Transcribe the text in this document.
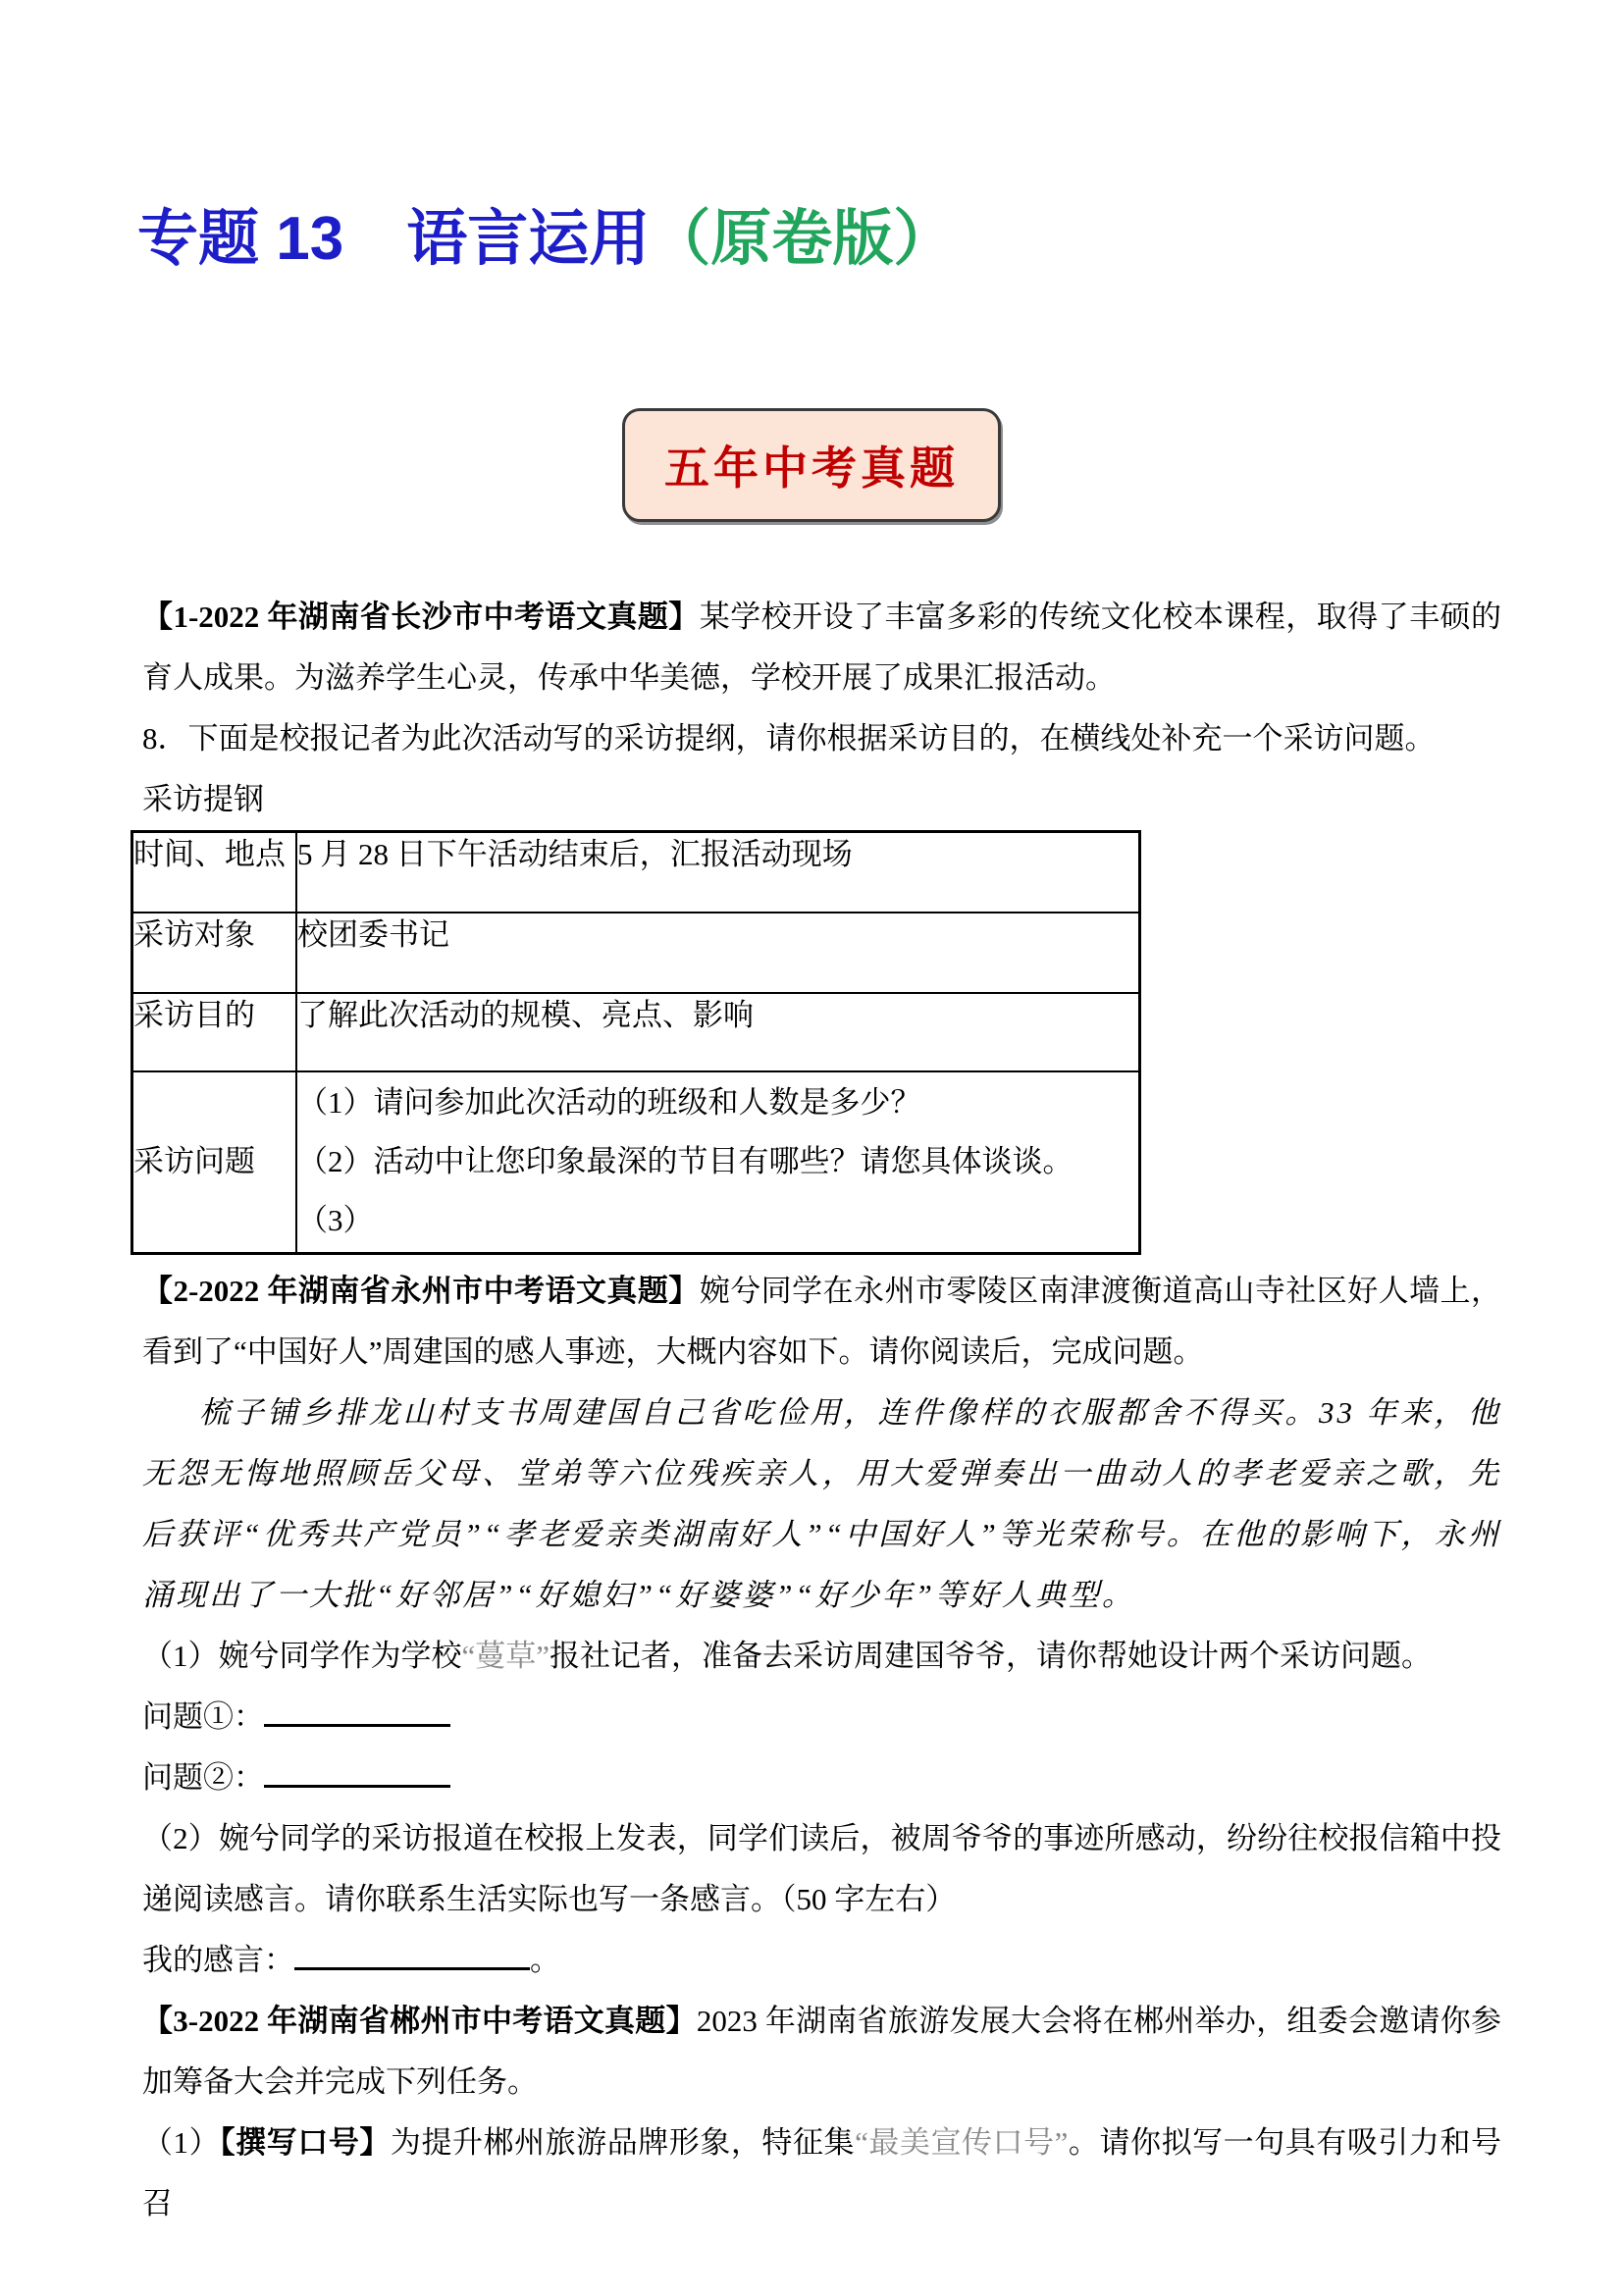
专题 13 语言运用（原卷版）
五年中考真题

【1-2022 年湖南省长沙市中考语文真题】某学校开设了丰富多彩的传统文化校本课程，取得了丰硕的育人成果。为滋养学生心灵，传承中华美德，学校开展了成果汇报活动。

8．下面是校报记者为此次活动写的采访提纲，请你根据采访目的，在横线处补充一个采访问题。

采访提钢

时间、地点	5 月 28 日下午活动结束后，汇报活动现场

采访对象	校团委书记

采访目的	了解此次活动的规模、亮点、影响

采访问题	（1）请问参加此次活动的班级和人数是多少？
（2）活动中让您印象最深的节目有哪些？请您具体谈谈。
（3）

【2-2022 年湖南省永州市中考语文真题】婉兮同学在永州市零陵区南津渡衡道高山寺社区好人墙上，看到了“中国好人”周建国的感人事迹，大概内容如下。请你阅读后，完成问题。

梳子铺乡排龙山村支书周建国自己省吃俭用，连件像样的衣服都舍不得买。33 年来，他无怨无悔地照顾岳父母、堂弟等六位残疾亲人，用大爱弹奏出一曲动人的孝老爱亲之歌，先后获评“优秀共产党员”“孝老爱亲类湖南好人”“中国好人”等光荣称号。在他的影响下，永州涌现出了一大批“好邻居”“好媳妇”“好婆婆”“好少年”等好人典型。

（1）婉兮同学作为学校“蔓草”报社记者，准备去采访周建国爷爷，请你帮她设计两个采访问题。

问题①：

问题②：

（2）婉兮同学的采访报道在校报上发表，同学们读后，被周爷爷的事迹所感动，纷纷往校报信箱中投递阅读感言。请你联系生活实际也写一条感言。（50 字左右）

我的感言：	。

【3-2022 年湖南省郴州市中考语文真题】2023 年湖南省旅游发展大会将在郴州举办，组委会邀请你参加筹备大会并完成下列任务。

（1）【撰写口号】为提升郴州旅游品牌形象，特征集“最美宣传口号”。请你拟写一句具有吸引力和号召
